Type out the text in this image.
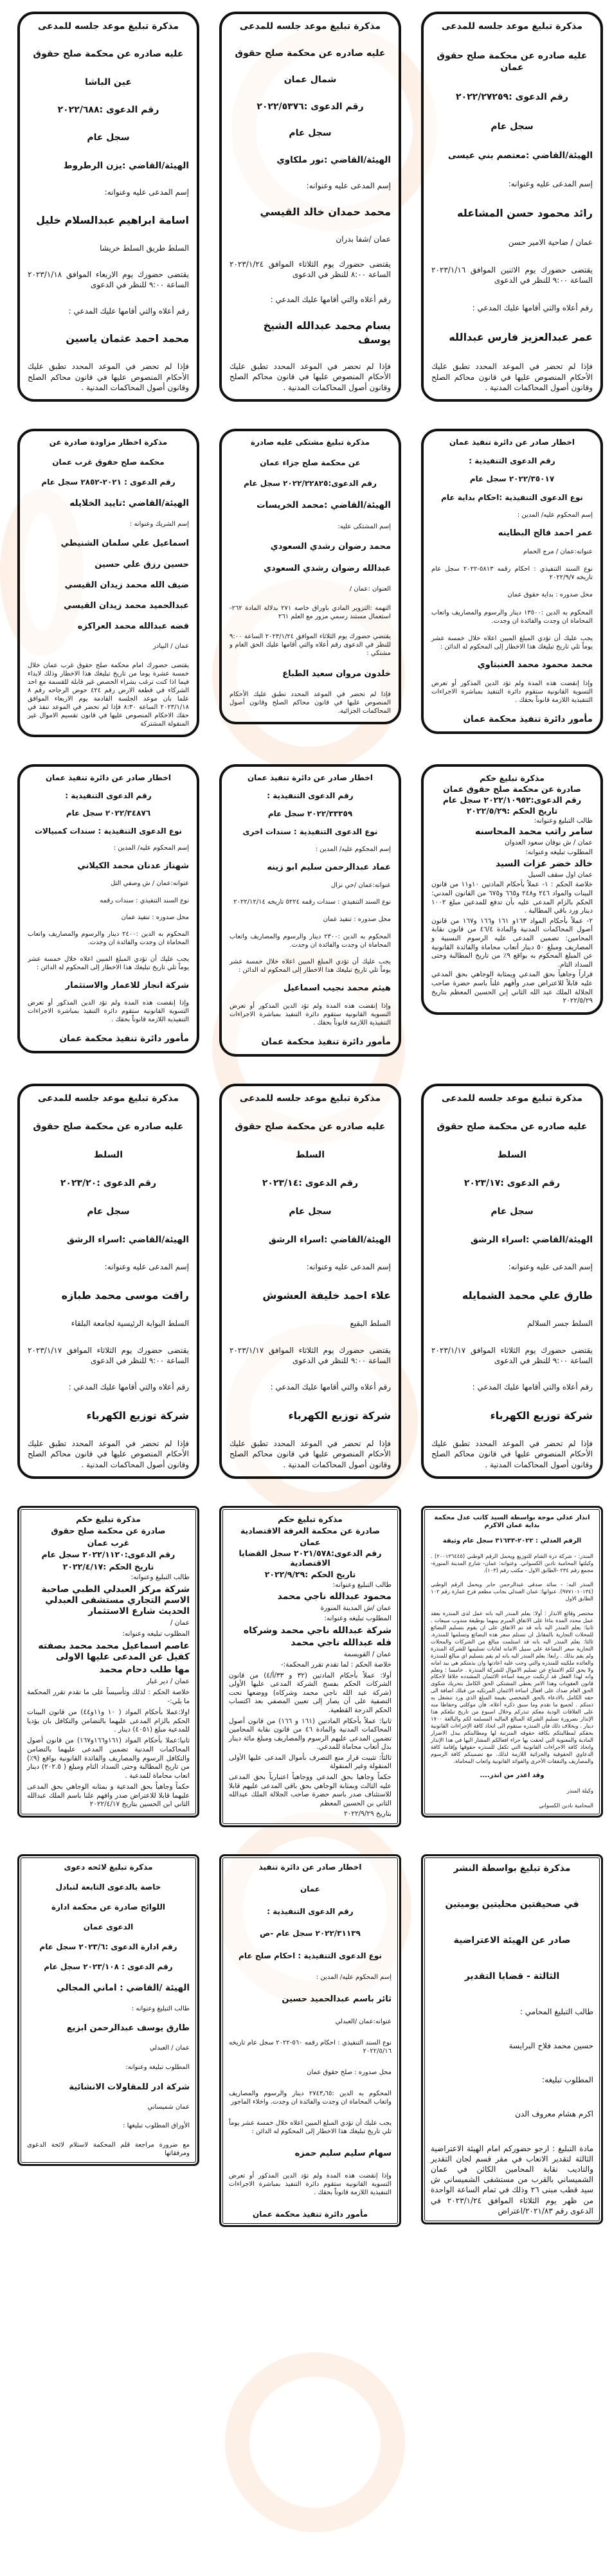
مذكرة تبليغ موعد جلسه للمدعى

عليه صادره عن محكمة صلح حقوق عمان

رقم الدعوى :٢٠٢٢/٢٧٢٥٩

سجل عام

الهيئة/القاضي :معتصم بني عيسى

إسم المدعى عليه وعنوانه:

رائد محمود حسن المشاعله

عمان / ضاحية الامير حسن

يقتضى حضورك يوم الاثنين الموافق ٢٠٢٣/١/١٦ الساعة ٩:٠٠ للنظر في الدعوى

رقم أعلاه والتي أقامها عليك المدعي :

عمر عبدالعزيز فارس عبدالله

فإذا لم تحضر في الموعد المحدد تطبق عليك الأحكام المنصوص عليها في قانون محاكم الصلح وقانون أصول المحاكمات المدنية .

مذكرة تبليغ موعد جلسه للمدعى

عليه صادره عن محكمة صلح حقوق

شمال عمان

رقم الدعوى :٢٠٢٢/٥٣٧٦

سجل عام

الهيئة/القاضي :نور ملكاوي

إسم المدعى عليه وعنوانه:

محمد حمدان خالد القيسي

عمان /شفا بدران

يقتضى حضورك يوم الثلاثاء الموافق ٢٠٢٣/١/٢٤ الساعة ٨:٠٠ للنظر في الدعوى

رقم أعلاه والتي أقامها عليك المدعي :

بسام محمد عبدالله الشيخ يوسف

فإذا لم تحضر في الموعد المحدد تطبق عليك الأحكام المنصوص عليها في قانون محاكم الصلح وقانون أصول المحاكمات المدنية .

مذكرة تبليغ موعد جلسه للمدعى

عليه صادره عن محكمة صلح حقوق

عين الباشا

رقم الدعوى :٢٠٢٢/٦٨٨

سجل عام

الهيئة/القاضي :يزن الرطروط

إسم المدعى عليه وعنوانه:

اسامة ابراهيم عبدالسلام خليل

السلط طريق السلط خريشا

يقتضى حضورك يوم الاربعاء الموافق ٢٠٢٣/١/١٨ الساعة ٩:٠٠ للنظر في الدعوى

رقم أعلاه والتي أقامها عليك المدعي :

محمد احمد عثمان ياسين

فإذا لم تحضر في الموعد المحدد تطبق عليك الأحكام المنصوص عليها في قانون محاكم الصلح وقانون أصول المحاكمات المدنية .

اخطار صادر عن دائرة تنفيذ عمان

رقم الدعوى التنفيذية :

٢٠٢٢/٣٥٠١٧ سجل عام

نوع الدعوى التنفيذية :احكام بداية عام

إسم المحكوم عليه/ المدين :

عمر احمد فالح البطاينه

عنوانه:عمان / مرج الحمام

نوع السند التنفيذي : احكام رقمه ٥٨١٣-٢٠٢٢ سجل عام تاريخه ٢٠٢٢/٩/٧

محل صدوره : بداية حقوق عمان

المحكوم به الدين :١٣٥٠٠ دينار والرسوم والمصاريف واتعاب المحاماة ان وجدت والفائدة ان وجدت.

يجب عليك أن تؤدي المبلغ المبين اعلاه خلال خمسة عشر يوماً تلي تاريخ تبليغك هذا الاخطار إلى المحكوم له الدائن :

محمد محمود محمد العنبتاوي

وإذا إنقضت هذه المدة ولم تؤد الدين المذكور أو تعرض التسوية القانونية ستقوم دائرة التنفيذ بمباشرة الاجراءات التنفيذية اللازمة قانوناً بحقك .

مأمور دائرة تنفيذ محكمة عمان

مذكرة تبليغ مشتكى عليه صادرة

عن محكمة صلح جزاء عمان

رقم الدعوى:٢٠٢٢/٢٢٨٢٥ سجل عام

الهيئة/القاضي :محمد الخريسات

إسم المشتكى عليه:

محمد رضوان رشدي السعودي

عبدالله رضوان رشدي السعودي

العنوان :عمان /

التهمة :التزوير المادي باوراق خاصة ٢٧١ بدلالة المادة ٢٦٢-استعمال مستند رسمي مزور مع العلم ٢٦١

يقتضي حضورك يوم الثلاثاء الموافق ٢٠٢٣/١/٢٤ الساعة ٩:٠٠ للنظر في الدعوى رقم أعلاه والتي أقامها عليك الحق العام و مشتكي :

خلدون مروان سعيد الطباع

فإذا لم تحضر في الموعد المحدد تطبق عليك الأحكام المنصوص عليها في قانون محاكم الصلح وقانون أصول المحاكمات الجزائية.

مذكرة اخطار مزاودة صادرة عن

محكمة صلح حقوق غرب عمان

رقم الدعوى : ٢٠٢١-٢٨٥٢ سجل عام

الهيئة/القاضي :تاييد الخلايله

إسم الشريك وعنوانه :

اسماعيل علي سلمان الشنيطي

حسين رزق علي حسين

ضيف الله محمد زيدان القيسي

عبدالحميد محمد زيدان القيسي

فضه عبدالله محمد العراكزه

عمان / البيادر

يقتضى حضورك امام محكمة صلح حقوق غرب عمان خلال خمسة عشرة يوما من تاريخ تبليغك هذا الاخطار وذلك لايداء فيما اذا كنت ترغب بشراء الحصص غير قابلة للقسمة مع احد الشركاء في قطعة الارض رقم ٤٢٤ حوض الرجاحه رقم ٨ علما بان موعد الجلسة القادمة يوم الاربعاء الموافق ٢٠٢٣/١/١٨ الساعة ٨:٣٠ فإذا لم تحضر في الموعد تنفذ في حقك الاحكام المنصوص عليها في قانون تقسيم الاموال غير المنقولة المشتركة

مذكرة تبليغ حكم

صادرة عن محكمة صلح حقوق عمان

رقم الدعوى:٢٠٢٢/١٠٩٥٢ سجل عام

تاريخ الحكم :٢٠٢٢/٥/٢٩

طالب التبليغ وعنوانه:

سامر راتب محمد المحاسنه

عمان / ش نوفان سعود العدوان

المطلوب تبليغه وعنوانه:

خالد خضر عزات السيد

عمان اول سقف السيل

خلاصة الحكم : ١- عملاً بأحكام المادتين ١٠و١١ من قانون البينات والمواد ٢٤٦ و٢٤٨ و٦٦٥ و٦٧٥ من القانون المدني: الحكم بالزام المدعى عليه بأن تدفع للمدعين مبلغ ١٠٠٢ دينار ورد باقي المطالبة .

٢- عملاً بأحكام المواد ١٦٣و ١٦١ و١٦٦ و١٦٧ من قانون أصول المحاكمات المدنية والمادة ٤٦/٤ من قانون نقابة المحامين: تضمين المدعى عليه الرسوم النسبية و المصاريف ومبلغ ٥٠ دينار أتعاب محاماة والفائدة القانونية عن المبلغ المحكوم به بواقع ٩٪ من تاريخ المطالبة وحتى السداد التام.

قراراً وجاهياً بحق المدعي وبمثابة الوجاهي بحق المدعي عليه قابلاً للاعتراض صدر وأفهم علناً باسم حضرة صاحب الجلالة الملك عبد الله الثاني إبن الحسين المعظم بتاريخ ٢٠٢٢/٥/٢٩

اخطار صادر عن دائرة تنفيذ عمان

رقم الدعوى التنفيذية :

٢٠٢٢/٣٣٣٥٩ سجل عام

نوع الدعوى التنفيذية : سندات اخرى

إسم المحكوم عليه/ المدين :

عماد عبدالرحمن سليم ابو زينه

عنوانه:عمان /حي نزال

نوع السند التنفيذي : سندات رقمه ٥٢٢٤ تاريخه ٢٠٢٢/١٢/١٤

محل صدوره : تنفيذ عمان

المحكوم به الدين :٢٣٠٠ دينار والرسوم والمصاريف واتعاب المحاماة ان وجدت والفائدة ان وجدت.

يجب عليك أن تؤدي المبلغ المبين اعلاه خلال خمسة عشر يوماً تلي تاريخ تبليغك هذا الاخطار إلى المحكوم له الدائن :

هيثم محمد نجيب اسماعيل

وإذا إنقضت هذه المدة ولم تؤد الدين المذكور أو تعرض التسوية القانونية ستقوم دائرة التنفيذ بمباشرة الاجراءات التنفيذية اللازمة قانوناً بحقك .

مأمور دائرة تنفيذ محكمة عمان

اخطار صادر عن دائرة تنفيذ عمان

رقم الدعوى التنفيذية :

٢٠٢٢/٣٤٨٧٦ سجل عام

نوع الدعوى التنفيذية : سندات كمبيالات

إسم المحكوم عليه/ المدين :

شهناز عدنان محمد الكيلاني

عنوانه:عمان / ش وصفي التل

نوع السند التنفيذي : سندات رقمه

محل صدوره : تنفيذ عمان

المحكوم به الدين :٢٤٠٠ دينار والرسوم والمصاريف واتعاب المحاماة ان وجدت والفائدة ان وجدت.

يجب عليك أن تؤدي المبلغ المبين اعلاه خلال خمسة عشر يوماً تلي تاريخ تبليغك هذا الاخطار إلى المحكوم له الدائن :

شركة انجاز للاعمار والاستثمار

وإذا إنقضت هذه المدة ولم تؤد الدين المذكور أو تعرض التسوية القانونية ستقوم دائرة التنفيذ بمباشرة الاجراءات التنفيذية اللازمة قانوناً بحقك .

مأمور دائرة تنفيذ محكمة عمان

مذكرة تبليغ موعد جلسه للمدعى

عليه صادره عن محكمة صلح حقوق

السلط

رقم الدعوى :٢٠٢٣/١٧

سجل عام

الهيئة/القاضي :اسراء الرشق

إسم المدعى عليه وعنوانه:

طارق علي محمد الشمايله

السلط جسر السلالم

يقتضى حضورك يوم الثلاثاء الموافق ٢٠٢٣/١/١٧ الساعة ٩:٠٠ للنظر في الدعوى

رقم أعلاه والتي أقامها عليك المدعي :

شركة توزيع الكهرباء

فإذا لم تحضر في الموعد المحدد تطبق عليك الأحكام المنصوص عليها في قانون محاكم الصلح وقانون أصول المحاكمات المدنية .

مذكرة تبليغ موعد جلسه للمدعى

عليه صادره عن محكمة صلح حقوق

السلط

رقم الدعوى :٢٠٢٣/١٤

سجل عام

الهيئة/القاضي :اسراء الرشق

إسم المدعى عليه وعنوانه:

علاء احمد خليفة العشوش

السلط البقيع

يقتضى حضورك يوم الثلاثاء الموافق ٢٠٢٣/١/١٧ الساعة ٩:٠٠ للنظر في الدعوى

رقم أعلاه والتي أقامها عليك المدعي :

شركة توزيع الكهرباء

فإذا لم تحضر في الموعد المحدد تطبق عليك الأحكام المنصوص عليها في قانون محاكم الصلح وقانون أصول المحاكمات المدنية .

مذكرة تبليغ موعد جلسه للمدعى

عليه صادره عن محكمة صلح حقوق

السلط

رقم الدعوى :٢٠٢٣/٢٠

سجل عام

الهيئة/القاضي :اسراء الرشق

إسم المدعى عليه وعنوانه:

رافت موسى محمد طبازه

السلط البوابة الرئيسية لجامعة البلقاء

يقتضى حضورك يوم الثلاثاء الموافق ٢٠٢٣/١/١٧ الساعة ٩:٠٠ للنظر في الدعوى

رقم أعلاه والتي أقامها عليك المدعي :

شركة توزيع الكهرباء

فإذا لم تحضر في الموعد المحدد تطبق عليك الأحكام المنصوص عليها في قانون محاكم الصلح وقانون أصول المحاكمات المدنية .

انذار عدلي موجة بواسطة السيد كاتب عدل محكمة بداية عمان الاكرم

الرقم العدلي : ٢٠٢٢-٣١٦٣٣ سجل عام وثيقة

المنذر: - شركة درة الشام للتوزيع ويحمل الرقم الوطني (٢٠٠١٣٦٤٤٥) . وكيلتها المحامية نادين الكسواني. وعنوانه: عمان- شارع المدينة المنورة- مجمع رقم ٢٣٤ -الطابق الاول - مكتب رقم (١٠٣).

المنذر اليه: - سائد صدقي عبدالرحمن جابر ويحمل الرقم الوطني (٩٧٧١٠١٠١٣٤). عنوانها: عمان العبدلي بجانب مطعم فرح عمارة رقم ١٠٢ الطابق الاول

مختصر وقائع الانذار : أولا: يعلم المنذر اليه بانه عمل لدى المنذرة بعقد عمل محدد المدة بناءا على الاتفاق المبرم بينهما بوظيفة مندوب مبيعات . ثانيا: يعلم المنذر اليه بأنه قد تم الاتفاق على ان يقوم بتسليم البضائع للمحلات التجارية بالمقابل ان تستلم سعر هذه البضائع وتسلمها للمنذرة. ثالثا: يعلم المنذر اليه بانه قد استلمت مبالغ من الشركات والمحلات التجارية سعر البضاعة على سبيل الامانه لغايات تسليمها للشركة المنذرة ولم يقم بذلك . رابعا: يعلم المنذر اليه بانه لم يقم بتسليم اي مبالغ للمنذرة والعائده ملكيته للمنذره والتي وجب عليه اعادتها وان بذمتكم هي بيد امانه ولا يحق لكم الامتناع عن تسليم الاموال للشركة المنذرة . خامسا : وتعلم وانه لهذا الفعل قد ارتكبت جريمة اساءة الائتمان المشدده خلافا لاحكام قانون العقوبات وهذا الامر يعطي المشتكي الحق الكامل بتحريك شكوى الحق العام ضدك على افعال اساءة الائتمان المرتكبه من قبلك اضافة الى حقه الكامل بالادعاء بالحق الشخصي بقيمة المبلغ الذي ورد تنشغل به ذمتكم . لجميع ما تقدم وما سبق ذكره أعلاه، فأن موكلتي وحفاظا منه على العلاقات الودية معكم تنذركم وخلال اسبوع من تاريخ تبلغكم هذا الإنذار بضرورة تسليم الشركة المبالغ الماليه المسلمه لكم والبالغة ١٧٠٠ دينار . وبخلاف ذلك فأن المنذره ستقوم الى اتخاذ كافة الإجراءات القانونية بحقكم لمطالبتكم بكافة حقوقه المترتبة لها ومطالبتكم ببدل الاضرار المادية والمعنوية التي لحقت بها جراء افعالكم المشار اليها في هذا الإنذار واتخاذ كافة الاجراءات القانونية التي تكفل للمنذره حقوقها وإقامة كافة الدعاوي الحقوقية والجزائية اللازمة لذلك. مع تضمينكم كافة الرسوم والمصاريف والنفقات الأخرى والفوائد القانونية واتعاب المحاماة.

وقد اعذر من انذر....

وكيلة المنذر

المحامية نادين الكسواني

مذكرة تبليغ حكم

صادرة عن محكمة الغرفة الاقتصادية

عمان

رقم الدعوى:٢٠٢١/٥٧٨ سجل القضايا الاقتصادية

تاريخ الحكم :٢٠٢٢/٩/٢٩

طالب التبليغ وعنوانه:

محمود عبدالله ناجي محمد

عمان /ش المدينة المنورة

المطلوب تبليغه وعنوانه:

شركة عبدالله ناجي محمد وشركاه

فله عبدالله ناجي محمد

عمان / القويسمة

خلاصة الحكم : لما تقدم تقرر المحكمة:-

أولا: عملاً بأحكام المادتين (٣٢ و ٣٣/أ/٤) من قانون الشركات الحكم بفسخ الشركة المدعى عليها الأولى (شركة عبد الله ناجي محمد وشركاه) ووضعها تحت التصفية على أن يصار إلى تعيين المصفي بعد اكتساب الحكم الدرجة القطعية.

ثانيا: عملاً بأحكام المادتين (١٦١ و ١٦٦) من قانون أصول المحاكمات المدنية والمادة ٤٦ من قانون نقابة المحامين تضمين المدعى عليهم الرسوم والمصاريف ومبلغ مائة دينار بدل أتعاب محاماة للمدعي.

ثالثاً: تثبيت قرار منع التصرف بأموال المدعى عليها الأولى المنقولة وغير المنقولة

حكماً وجاهيا بحق المدعي ووجاهياً اعتبارياً بحق المدعى عليه الثالث وبمثابة الوجاهي بحق باقي المدعى عليهم قابلا للاستئناف صدر باسم حضرة صاحب الجلالة الملك عبدالله الثاني بن الحسين المعظم

بتاريخ ٢٠٢٢/٩/٢٩

مذكرة تبليغ حكم

صادرة عن محكمة صلح حقوق

غرب عمان

رقم الدعوى:٢٠٢٢/١١٢٠ سجل عام

تاريخ الحكم :٢٠٢٢/٤/١٧

طالب التبليغ وعنوانه:

شركة مركز العبدلي الطبي صاحبة الاسم التجاري مستشفى العبدلي الحديث شارع الاستثمار

عمان /

المطلوب تبليغه وعنوانه:

عاصم اسماعيل محمد محمد بصفته كفيل عن المدعى عليها الاولى

مها طلب دحام محمد

عمان / دير غبار

خلاصة الحكم : لذلك وتأسيساً على ما تقدم تقرر المحكمة ما يلي:-

اولا:عملا بأحكام المواد ( ١٠ و١١و٤٤) من قانون البينات الحكم بالزام المدعى عليهما بالتضامن والتكافل بان يؤديا للمدعية مبلغ (٤٠٥١) دينار .

ثانيا:عملا بأحكام المواد (١٦١و١٦٦و١٦٧) من قانون أصول المحاكمات المدنية تضمين المدعى عليهما بالتضامن والتكافل الرسوم والمصاريف والفائدة القانونية بواقع (٩٪) من تاريخ المطالبة وحتى السداد التام ومبلغ ( ٢٠٢.٥) دينار اتعاب محاماة للمدعية .

حكماً وجاهياً بحق المدعية و بمثابه الوجاهي بحق المدعى عليهما قابلا للاعتراض صدر وافهم علنا باسم الملك عبدالله الثاني ابن الحسين بتاريخ ٢٠٢٢/٤/١٧

مذكرة تبليغ بواسطة النشر

في صحيفتين محليتين يوميتين

صادر عن الهيئة الاعتراضية

الثالثة - قضايا التقدير

طالب التبليغ المحامي :

حسين محمد فلاح البرايسة

المطلوب تبليغه:

اكرم هشام معروف الدن

مادة التبليغ : ارجو حضوركم امام الهيئة الاعتراضية الثالثة لتقدير الاتعاب في مقر قسم لجان التقدير والتاديب نقابة المحامين الكائن في عمان الشميساني بالقرب من مستشفى الشميساني ش سيد قطب مبنى ٢٦ وذلك في تمام الساعة الواحدة من ظهر يوم الثلاثاء الموافق ٢٠٢٣/١/٢٤ في الدعوى رقم ٢٠٢١/٨٣/اعتراض

اخطار صادر عن دائرة تنفيذ

عمان

رقم الدعوى التنفيذية :

٢٠٢٢/٣١١٣٩ سجل عام -ص

نوع الدعوى التنفيذية : احكام صلح عام

إسم المحكوم عليه/ المدين :

ثائر باسم عبدالحميد حسين

عنوانه:عمان /العبدلي

نوع السند التنفيذي : احكام رقمه ٥٦٠-٢٠٢٢ سجل عام تاريخه ٢٠٢٢/٥/١٦

محل صدوره : صلح حقوق عمان

المحكوم به الدين :٢٧٤٣٫٦٥ دينار والرسوم والمصاريف واتعاب المحاماة ان وجدت والفائدة ان وجدت. واخلاء الماجور

يجب عليك أن تؤدي المبلغ المبين اعلاه خلال خمسة عشر يوماً تلي تاريخ تبليغك هذا الاخطار إلى المحكوم له الدائن :

سهام سليم سليم حمزه

وإذا إنقضت هذه المدة ولم تؤد الدين المذكور أو تعرض التسوية القانونية ستقوم دائرة التنفيذ بمباشرة الاجراءات التنفيذية اللازمة قانوناً بحقك .

مأمور دائرة تنفيذ محكمة عمان

مذكرة تبليغ لائحه دعوى

خاصة بالدعوى التابعة لتبادل

اللوائح صادرة عن محكمة ادارة

الدعوى عمان

رقم ادارة الدعوى :٢٠٢٣/٦ سجل عام

رقم الدعوى : ٢٠٢٣/١٠٨ سجل عام

الهيئة /القاضي : اماني المجالي

طالب التبليغ وعنوانه :

طارق يوسف عبدالرحمن ابزيع

عمان / العبدلي

المطلوب تبليغه وعنوانه:

شركة ادر للمقاولات الانشائية

عمان شميساني

الأوراق المطلوب تبليغها :

مع ضرورة مراجعة قلم المحكمة لاستلام لائحة الدعوى ومرفقاتها
